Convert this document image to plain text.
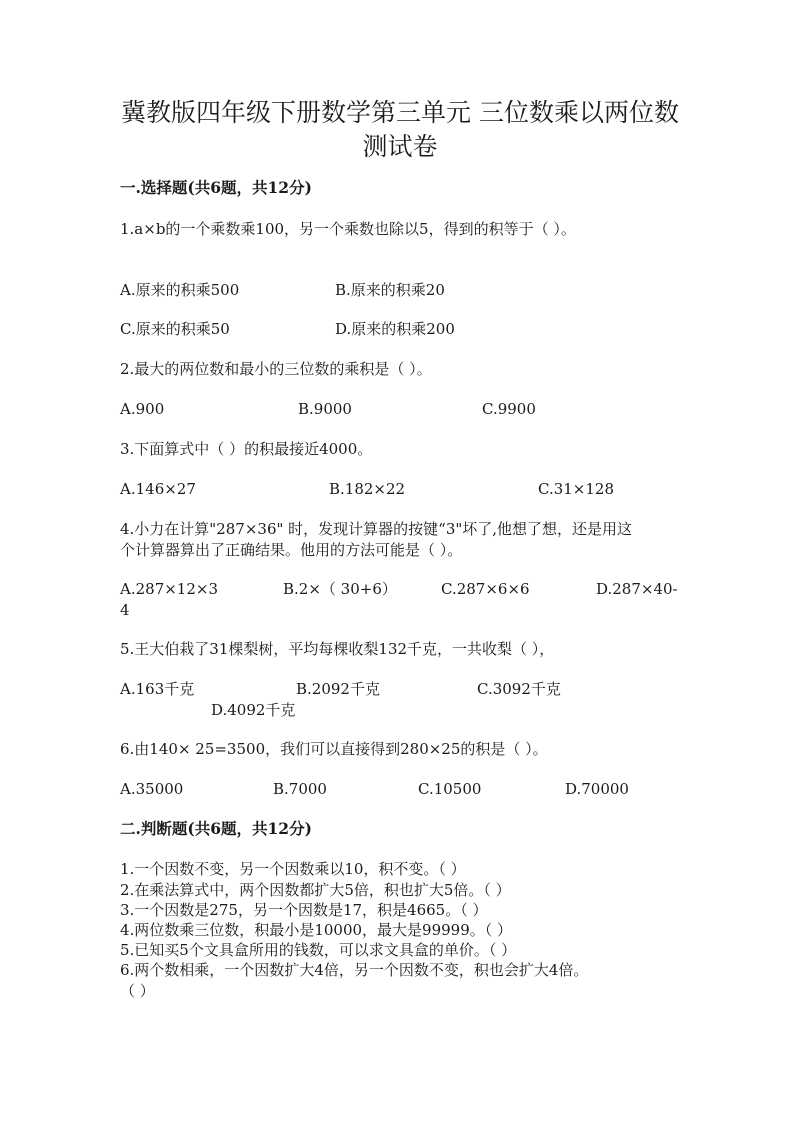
冀教版四年级下册数学第三单元 三位数乘以两位数
测试卷
一.选择题(共6题，共12分)
1.a×b的一个乘数乘100，另一个乘数也除以5，得到的积等于（ ）。
A.原来的积乘500	B.原来的积乘20
C.原来的积乘50	D.原来的积乘200
2.最大的两位数和最小的三位数的乘积是（ ）。
A.900	B.9000	C.9900
3.下面算式中（ ）的积最接近4000。
A.146×27	B.182×22	C.31×128
4.小力在计算"287×36" 时，发现计算器的按键“3"坏了,他想了想，还是用这
个计算器算出了正确结果。他用的方法可能是（ ）。
A.287×12×3	B.2×（ 30+6）	C.287×6×6	D.287×40-
4
5.王大伯栽了31棵梨树，平均每棵收梨132千克，一共收梨（ ），
A.163千克	B.2092千克	C.3092千克
D.4092千克
6.由140× 25=3500，我们可以直接得到280×25的积是（ ）。
A.35000	B.7000	C.10500	D.70000
二.判断题(共6题，共12分)
1.一个因数不变，另一个因数乘以10，积不变。（ ）
2.在乘法算式中，两个因数都扩大5倍，积也扩大5倍。（ ）
3.一个因数是275，另一个因数是17，积是4665。（ ）
4.两位数乘三位数，积最小是10000，最大是99999。（ ）
5.已知买5个文具盒所用的钱数，可以求文具盒的单价。（ ）
6.两个数相乘，一个因数扩大4倍，另一个因数不变，积也会扩大4倍。
（ ）
